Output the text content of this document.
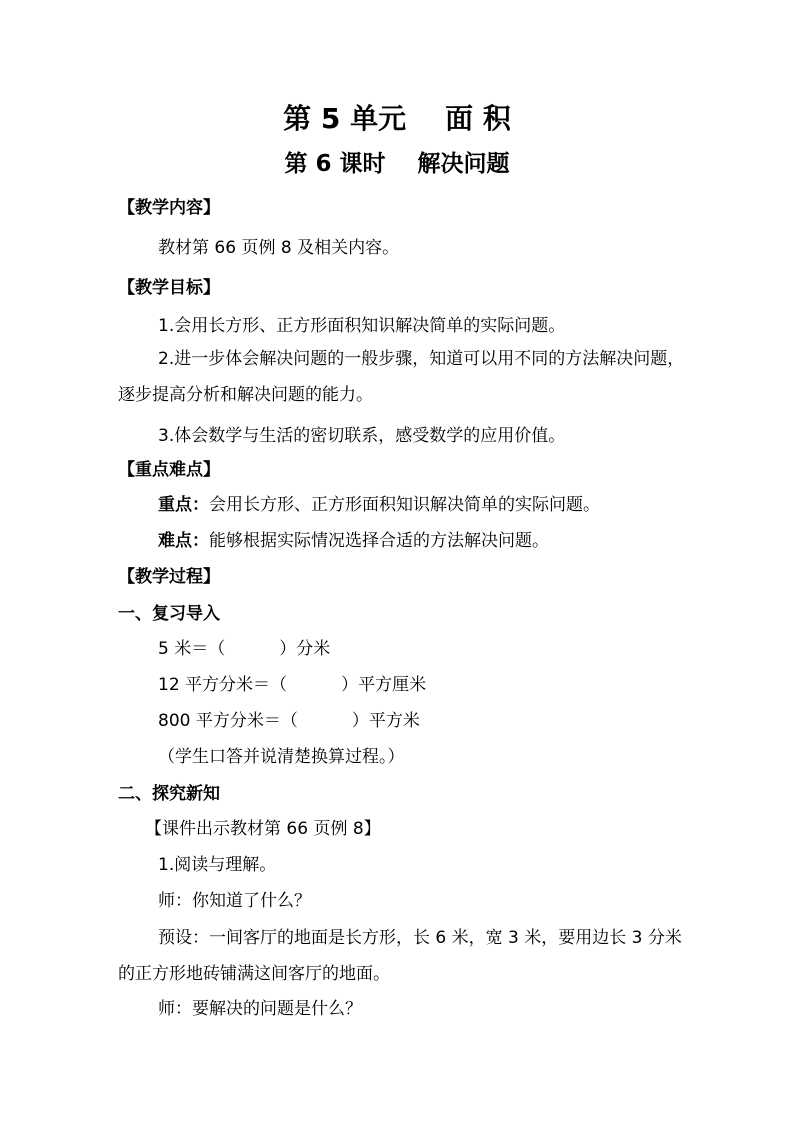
第 5 单元    面 积
第 6 课时    解决问题
【教学内容】
教材第 66 页例 8 及相关内容。
【教学目标】
1.会用长方形、正方形面积知识解决简单的实际问题。
2.进一步体会解决问题的一般步骤，知道可以用不同的方法解决问题，逐步提高分析和解决问题的能力。
3.体会数学与生活的密切联系，感受数学的应用价值。
【重点难点】
重点：会用长方形、正方形面积知识解决简单的实际问题。
难点：能够根据实际情况选择合适的方法解决问题。
【教学过程】
一、复习导入
5 米＝（          ）分米
12 平方分米＝（          ）平方厘米
800 平方分米＝（          ）平方米
（学生口答并说清楚换算过程。）
二、探究新知
【课件出示教材第 66 页例 8】
1.阅读与理解。
师：你知道了什么？
预设：一间客厅的地面是长方形，长 6 米，宽 3 米，要用边长 3 分米的正方形地砖铺满这间客厅的地面。
师：要解决的问题是什么？
